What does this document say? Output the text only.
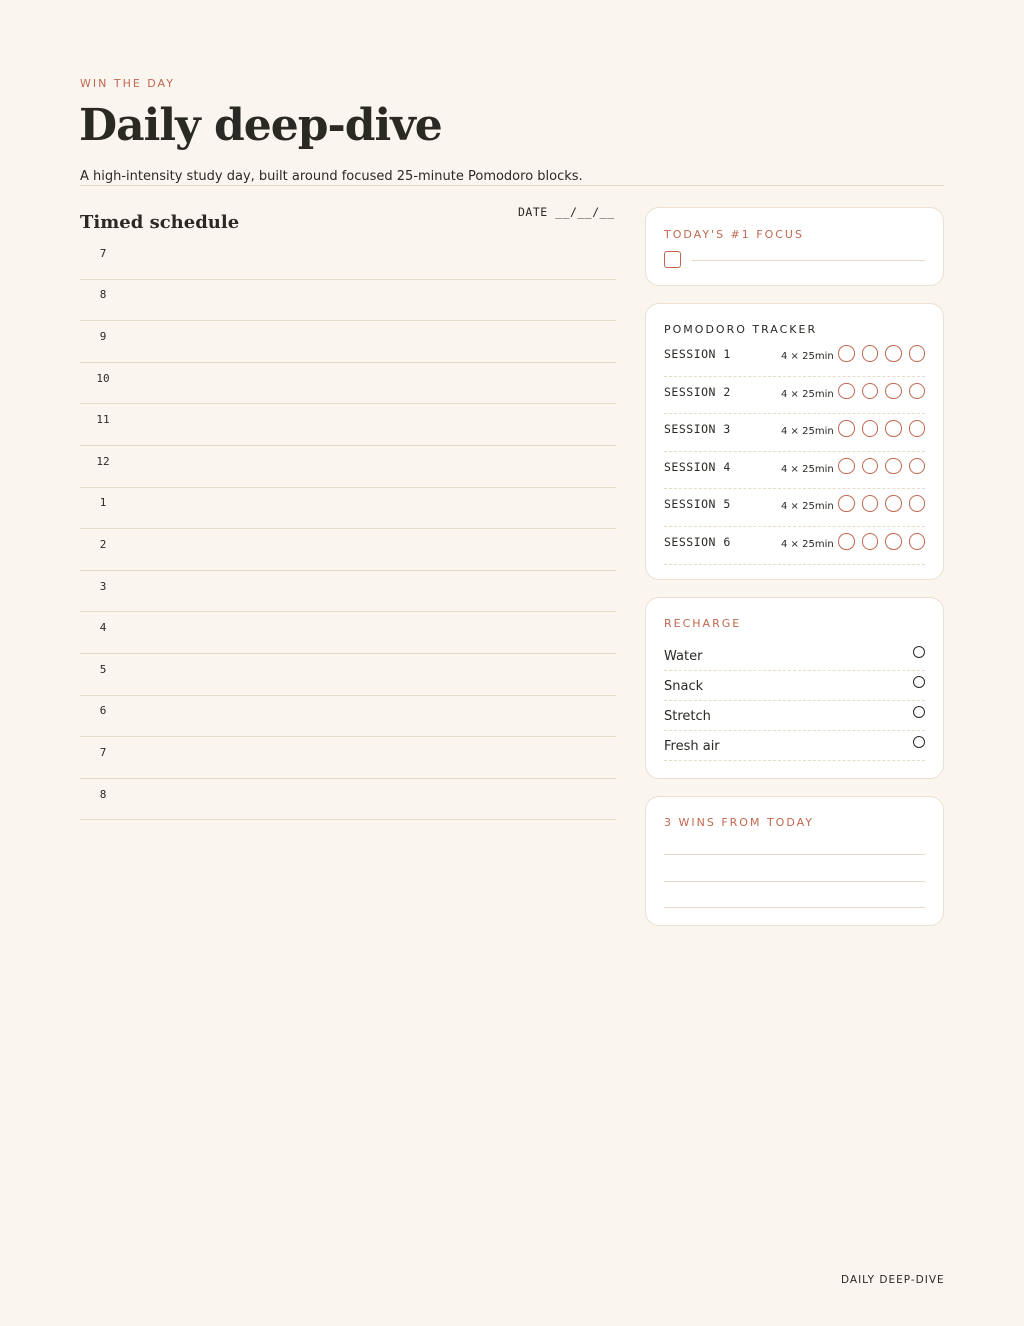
WIN THE DAY
Daily deep-dive

A high-intensity study day, built around focused 25-minute Pomodoro blocks.

Timed schedule	DATE __/__/__
7
8
9
10
11
12
1
2
3
4
5
6
7
8
TODAY'S #1 FOCUS
POMODORO TRACKER
SESSION 1	4 × 25min
SESSION 2	4 × 25min
SESSION 3	4 × 25min
SESSION 4	4 × 25min
SESSION 5	4 × 25min
SESSION 6	4 × 25min
RECHARGE
Water
Snack
Stretch
Fresh air
3 WINS FROM TODAY
DAILY DEEP-DIVE
